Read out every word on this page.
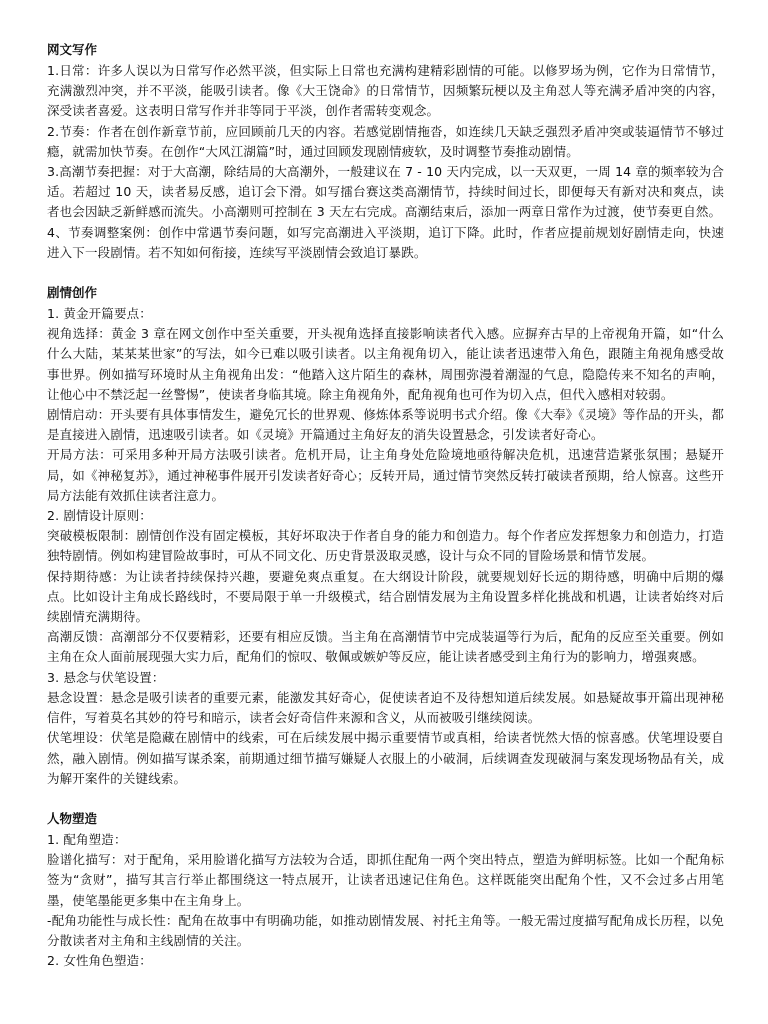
网文写作

1.日常：许多人误以为日常写作必然平淡，但实际上日常也充满构建精彩剧情的可能。以修罗场为例，它作为日常情节，充满激烈冲突，并不平淡，能吸引读者。像《大王饶命》的日常情节，因频繁玩梗以及主角怼人等充满矛盾冲突的内容，深受读者喜爱。这表明日常写作并非等同于平淡，创作者需转变观念。

2.节奏：作者在创作新章节前，应回顾前几天的内容。若感觉剧情拖沓，如连续几天缺乏强烈矛盾冲突或装逼情节不够过瘾，就需加快节奏。在创作“大风江湖篇”时，通过回顾发现剧情疲软，及时调整节奏推动剧情。

3.高潮节奏把握：对于大高潮，除结局的大高潮外，一般建议在 7 - 10 天内完成，以一天双更，一周 14 章的频率较为合适。若超过 10 天，读者易反感，追订会下滑。如写擂台赛这类高潮情节，持续时间过长，即便每天有新对决和爽点，读者也会因缺乏新鲜感而流失。小高潮则可控制在 3 天左右完成。高潮结束后，添加一两章日常作为过渡，使节奏更自然。

4、节奏调整案例：创作中常遇节奏问题，如写完高潮进入平淡期，追订下降。此时，作者应提前规划好剧情走向，快速进入下一段剧情。若不知如何衔接，连续写平淡剧情会致追订暴跌。

剧情创作

1. 黄金开篇要点：

视角选择：黄金 3 章在网文创作中至关重要，开头视角选择直接影响读者代入感。应摒弃古早的上帝视角开篇，如“什么什么大陆，某某某世家”的写法，如今已难以吸引读者。以主角视角切入，能让读者迅速带入角色，跟随主角视角感受故事世界。例如描写环境时从主角视角出发：“他踏入这片陌生的森林，周围弥漫着潮湿的气息，隐隐传来不知名的声响，让他心中不禁泛起一丝警惕”，使读者身临其境。除主角视角外，配角视角也可作为切入点，但代入感相对较弱。

剧情启动：开头要有具体事情发生，避免冗长的世界观、修炼体系等说明书式介绍。像《大奉》《灵境》等作品的开头，都是直接进入剧情，迅速吸引读者。如《灵境》开篇通过主角好友的消失设置悬念，引发读者好奇心。

开局方法：可采用多种开局方法吸引读者。危机开局，让主角身处危险境地亟待解决危机，迅速营造紧张氛围；悬疑开局，如《神秘复苏》，通过神秘事件展开引发读者好奇心；反转开局，通过情节突然反转打破读者预期，给人惊喜。这些开局方法能有效抓住读者注意力。

2. 剧情设计原则：

突破模板限制：剧情创作没有固定模板，其好坏取决于作者自身的能力和创造力。每个作者应发挥想象力和创造力，打造独特剧情。例如构建冒险故事时，可从不同文化、历史背景汲取灵感，设计与众不同的冒险场景和情节发展。

保持期待感：为让读者持续保持兴趣，要避免爽点重复。在大纲设计阶段，就要规划好长远的期待感，明确中后期的爆点。比如设计主角成长路线时，不要局限于单一升级模式，结合剧情发展为主角设置多样化挑战和机遇，让读者始终对后续剧情充满期待。

高潮反馈：高潮部分不仅要精彩，还要有相应反馈。当主角在高潮情节中完成装逼等行为后，配角的反应至关重要。例如主角在众人面前展现强大实力后，配角们的惊叹、敬佩或嫉妒等反应，能让读者感受到主角行为的影响力，增强爽感。

3. 悬念与伏笔设置：

悬念设置：悬念是吸引读者的重要元素，能激发其好奇心，促使读者迫不及待想知道后续发展。如悬疑故事开篇出现神秘信件，写着莫名其妙的符号和暗示，读者会好奇信件来源和含义，从而被吸引继续阅读。

伏笔埋设：伏笔是隐藏在剧情中的线索，可在后续发展中揭示重要情节或真相，给读者恍然大悟的惊喜感。伏笔埋设要自然，融入剧情。例如描写谋杀案，前期通过细节描写嫌疑人衣服上的小破洞，后续调查发现破洞与案发现场物品有关，成为解开案件的关键线索。

人物塑造

1. 配角塑造：

脸谱化描写：对于配角，采用脸谱化描写方法较为合适，即抓住配角一两个突出特点，塑造为鲜明标签。比如一个配角标签为“贪财”，描写其言行举止都围绕这一特点展开，让读者迅速记住角色。这样既能突出配角个性，又不会过多占用笔墨，使笔墨能更多集中在主角身上。

-配角功能性与成长性：配角在故事中有明确功能，如推动剧情发展、衬托主角等。一般无需过度描写配角成长历程，以免分散读者对主角和主线剧情的关注。

2. 女性角色塑造：
